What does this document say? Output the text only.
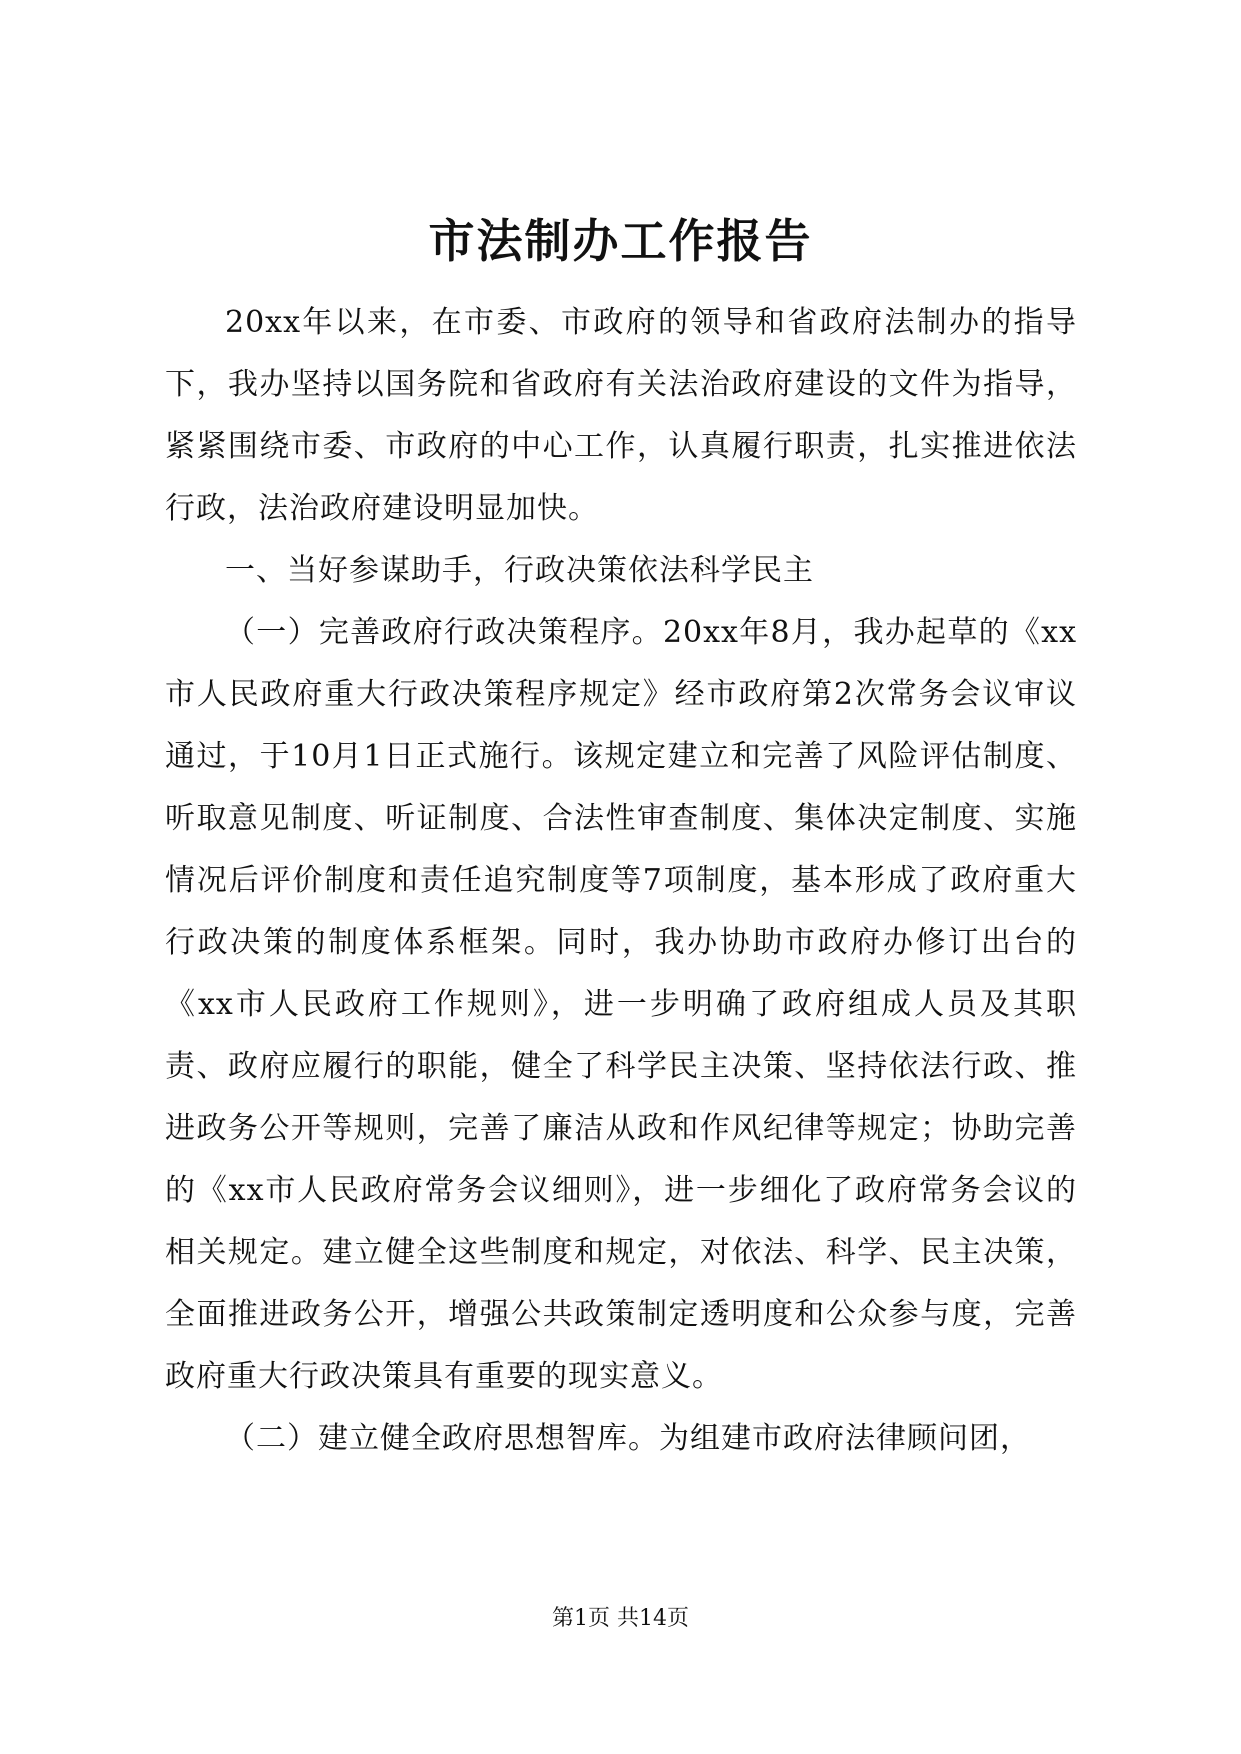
市法制办工作报告

20xx年以来，在市委、市政府的领导和省政府法制办的指导下，我办坚持以国务院和省政府有关法治政府建设的文件为指导，紧紧围绕市委、市政府的中心工作，认真履行职责，扎实推进依法行政，法治政府建设明显加快。

一、当好参谋助手，行政决策依法科学民主

（一）完善政府行政决策程序。20xx年8月，我办起草的《xx市人民政府重大行政决策程序规定》经市政府第2次常务会议审议通过，于10月1日正式施行。该规定建立和完善了风险评估制度、听取意见制度、听证制度、合法性审查制度、集体决定制度、实施情况后评价制度和责任追究制度等7项制度，基本形成了政府重大行政决策的制度体系框架。同时，我办协助市政府办修订出台的《xx市人民政府工作规则》，进一步明确了政府组成人员及其职责、政府应履行的职能，健全了科学民主决策、坚持依法行政、推进政务公开等规则，完善了廉洁从政和作风纪律等规定；协助完善的《xx市人民政府常务会议细则》，进一步细化了政府常务会议的相关规定。建立健全这些制度和规定，对依法、科学、民主决策，全面推进政务公开，增强公共政策制定透明度和公众参与度，完善政府重大行政决策具有重要的现实意义。

（二）建立健全政府思想智库。为组建市政府法律顾问团，

第1页 共14页
